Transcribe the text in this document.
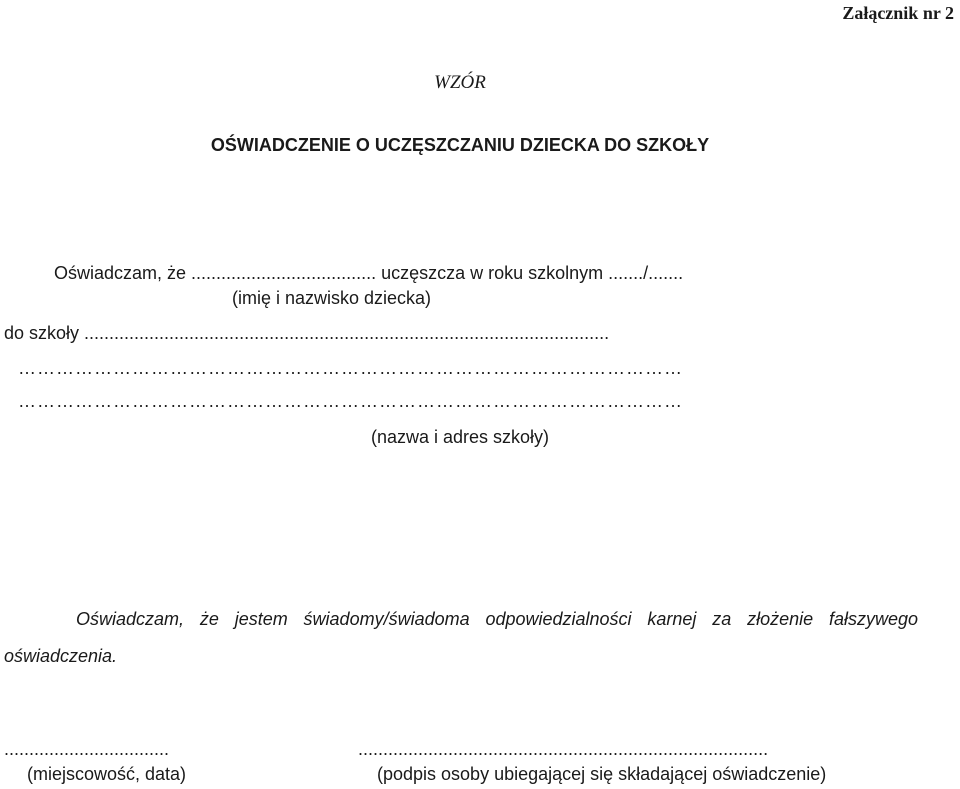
Załącznik nr 2
WZÓR
OŚWIADCZENIE O UCZĘSZCZANIU DZIECKA DO SZKOŁY
Oświadczam, że ..................................... uczęszcza w roku szkolnym ......./.......
(imię i nazwisko dziecka)
do szkoły .........................................................................................................
……………………………………………………………………………………………
……………………………………………………………………………………………
(nazwa i adres szkoły)
Oświadczam, że jestem świadomy/świadoma odpowiedzialności karnej za złożenie fałszywego oświadczenia.
.................................	..................................................................................
(miejscowość, data)	(podpis osoby ubiegającej się składającej oświadczenie)
